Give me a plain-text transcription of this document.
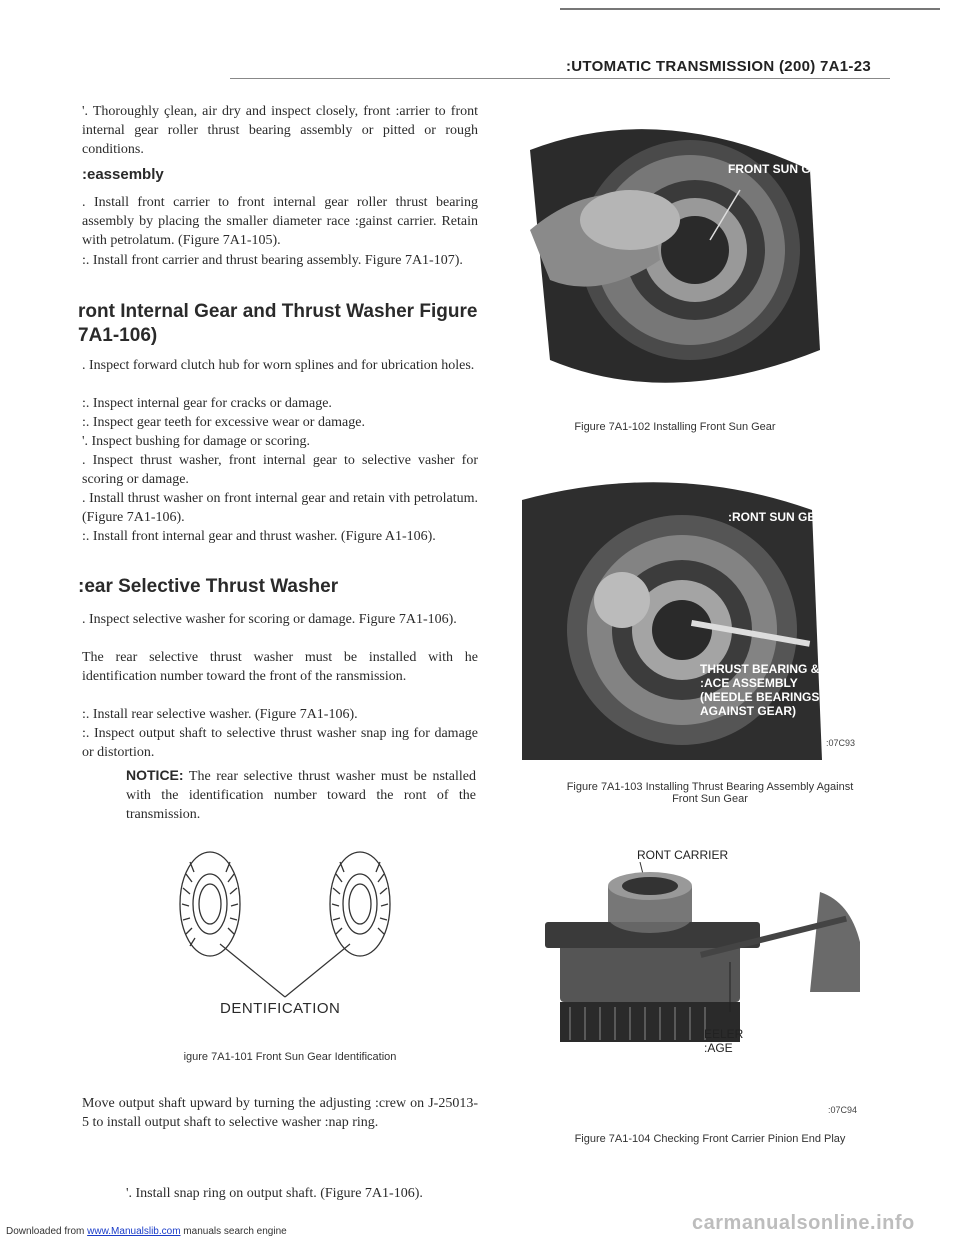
:UTOMATIC TRANSMISSION (200) 7A1-23
'. Thoroughly çlean, air dry and inspect closely, front :arrier to front internal gear roller thrust bearing assembly or pitted or rough conditions.
:eassembly
. Install front carrier to front internal gear roller thrust bearing assembly by placing the smaller diameter race :gainst carrier. Retain with petrolatum. (Figure 7A1-105).
:. Install front carrier and thrust bearing assembly. Figure 7A1-107).
ront Internal Gear and Thrust Washer Figure 7A1-106)
. Inspect forward clutch hub for worn splines and for ubrication holes.
:. Inspect internal gear for cracks or damage.
:. Inspect gear teeth for excessive wear or damage.
'. Inspect bushing for damage or scoring.
. Inspect thrust washer, front internal gear to selective vasher for scoring or damage.
. Install thrust washer on front internal gear and retain vith petrolatum. (Figure 7A1-106).
:. Install front internal gear and thrust washer. (Figure A1-106).
:ear Selective Thrust Washer
. Inspect selective washer for scoring or damage. Figure 7A1-106).
The rear selective thrust washer must be installed with he identification number toward the front of the ransmission.
:. Install rear selective washer. (Figure 7A1-106).
:. Inspect output shaft to selective thrust washer snap ing for damage or distortion.
NOTICE: The rear selective thrust washer must be nstalled with the identification number toward the ront of the transmission.
DENTIFICATION
igure 7A1-101 Front Sun Gear Identification
Move output shaft upward by turning the adjusting :crew on J-25013-5 to install output shaft to selective washer :nap ring.
'. Install snap ring on output shaft. (Figure 7A1-106).
FRONT SUN GEAR
Figure 7A1-102 Installing Front Sun Gear
:RONT SUN GEAR
THRUST BEARING & :ACE ASSEMBLY (NEEDLE BEARINGS AGAINST GEAR)
:07C93
Figure 7A1-103 Installing Thrust Bearing Assembly Against
Front Sun Gear
RONT CARRIER
EELER :AGE
:07C94
Figure 7A1-104 Checking Front Carrier Pinion End Play
Downloaded from www.Manualslib.com manuals search engine	carmanualsonline.info
